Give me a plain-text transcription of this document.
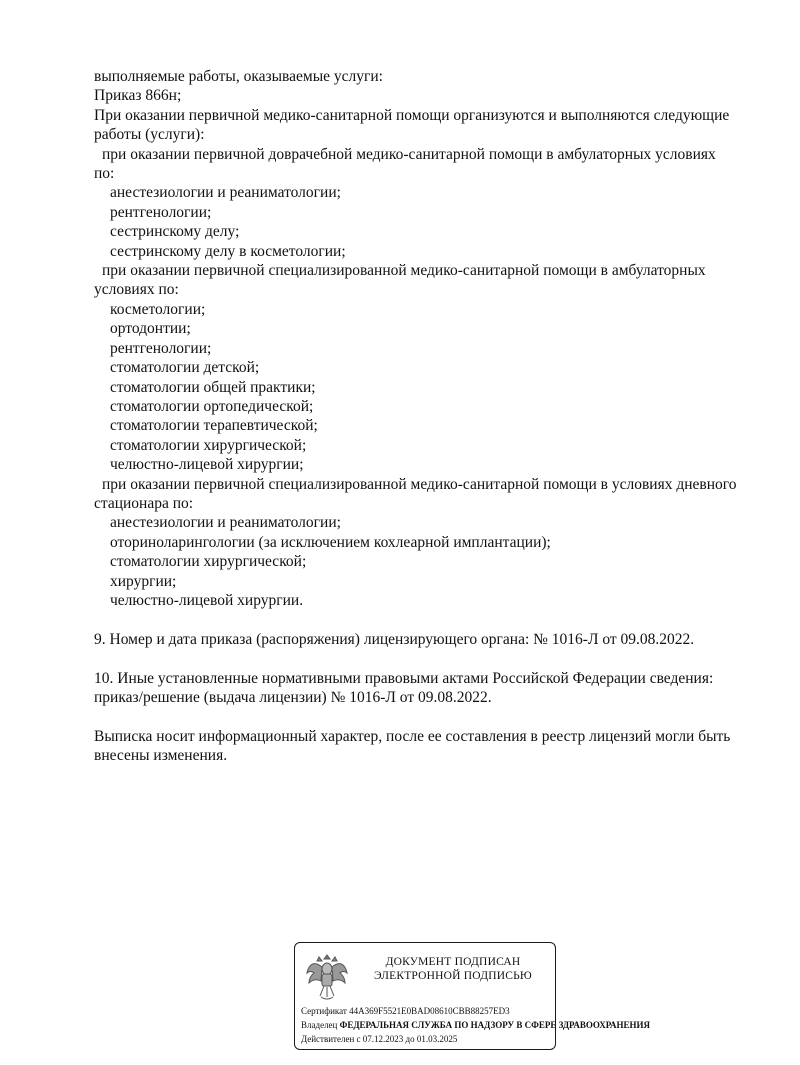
выполняемые работы, оказываемые услуги:
Приказ 866н;
При оказании первичной медико-санитарной помощи организуются и выполняются следующие
работы (услуги):
при оказании первичной доврачебной медико-санитарной помощи в амбулаторных условиях
по:
анестезиологии и реаниматологии;
рентгенологии;
сестринскому делу;
сестринскому делу в косметологии;
при оказании первичной специализированной медико-санитарной помощи в амбулаторных
условиях по:
косметологии;
ортодонтии;
рентгенологии;
стоматологии детской;
стоматологии общей практики;
стоматологии ортопедической;
стоматологии терапевтической;
стоматологии хирургической;
челюстно-лицевой хирургии;
при оказании первичной специализированной медико-санитарной помощи в условиях дневного
стационара по:
анестезиологии и реаниматологии;
оториноларингологии (за исключением кохлеарной имплантации);
стоматологии хирургической;
хирургии;
челюстно-лицевой хирургии.
9. Номер и дата приказа (распоряжения) лицензирующего органа: № 1016-Л от 09.08.2022.
10. Иные установленные нормативными правовыми актами Российской Федерации сведения:
приказ/решение (выдача лицензии) № 1016-Л от 09.08.2022.
Выписка носит информационный характер, после ее составления в реестр лицензий могли быть
внесены изменения.
ДОКУМЕНТ ПОДПИСАН
ЭЛЕКТРОННОЙ ПОДПИСЬЮ
Сертификат 44A369F5521E0BAD08610CBB88257ED3
Владелец ФЕДЕРАЛЬНАЯ СЛУЖБА ПО НАДЗОРУ В СФЕРЕ ЗДРАВООХРАНЕНИЯ
Действителен с 07.12.2023 до 01.03.2025
